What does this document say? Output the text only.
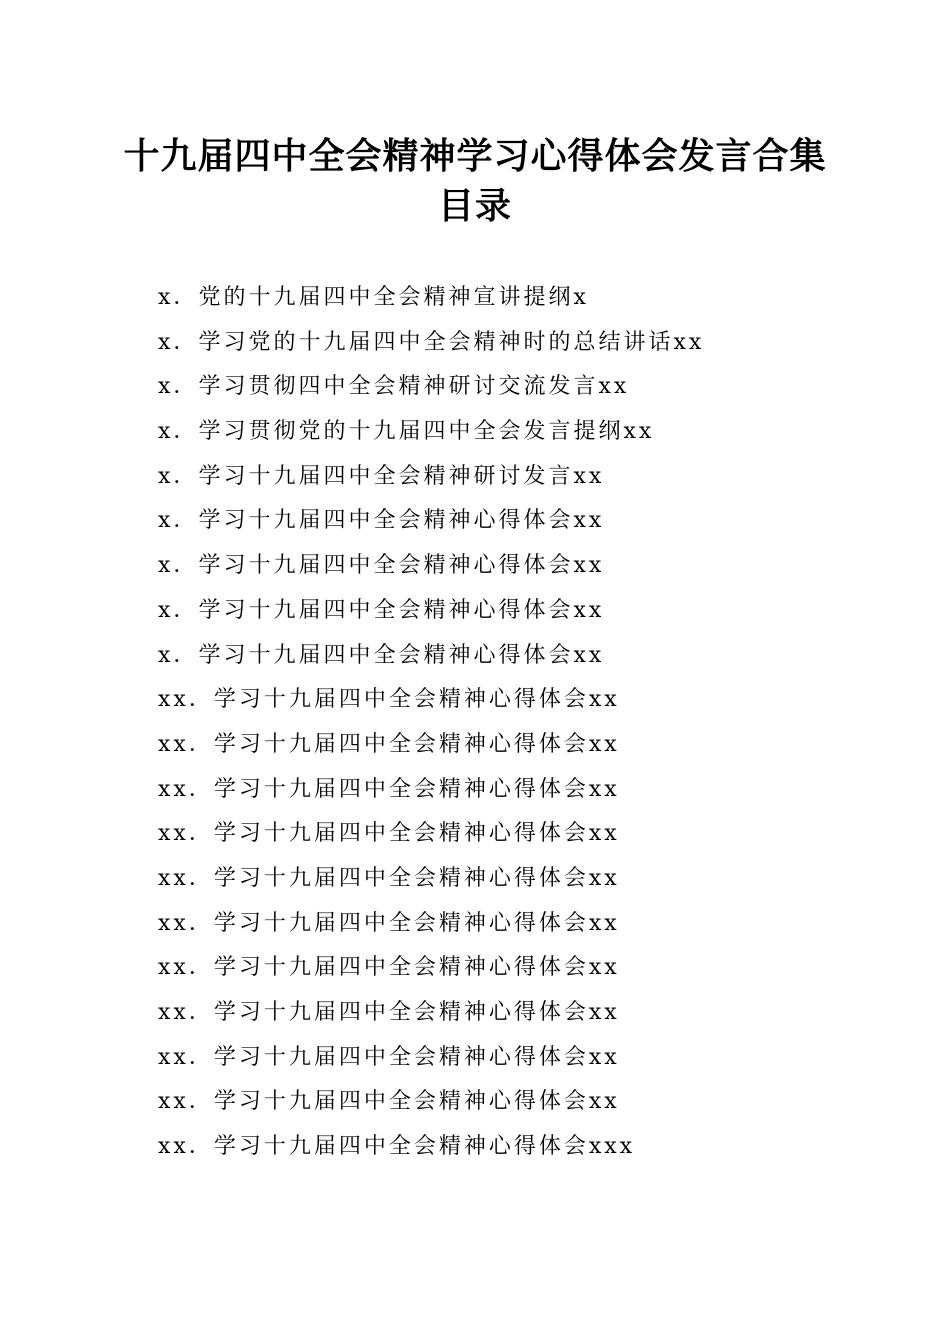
十九届四中全会精神学习心得体会发言合集目录
x．党的十九届四中全会精神宣讲提纲x
x．学习党的十九届四中全会精神时的总结讲话xx
x．学习贯彻四中全会精神研讨交流发言xx
x．学习贯彻党的十九届四中全会发言提纲xx
x．学习十九届四中全会精神研讨发言xx
x．学习十九届四中全会精神心得体会xx
x．学习十九届四中全会精神心得体会xx
x．学习十九届四中全会精神心得体会xx
x．学习十九届四中全会精神心得体会xx
xx．学习十九届四中全会精神心得体会xx
xx．学习十九届四中全会精神心得体会xx
xx．学习十九届四中全会精神心得体会xx
xx．学习十九届四中全会精神心得体会xx
xx．学习十九届四中全会精神心得体会xx
xx．学习十九届四中全会精神心得体会xx
xx．学习十九届四中全会精神心得体会xx
xx．学习十九届四中全会精神心得体会xx
xx．学习十九届四中全会精神心得体会xx
xx．学习十九届四中全会精神心得体会xx
xx．学习十九届四中全会精神心得体会xxx
